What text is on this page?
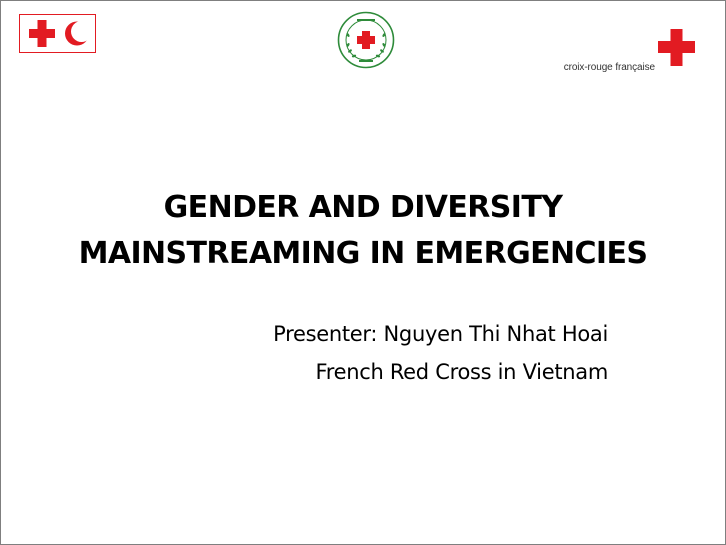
croix-rouge française
GENDER AND DIVERSITY
MAINSTREAMING IN EMERGENCIES
Presenter: Nguyen Thi Nhat Hoai
French Red Cross in Vietnam
